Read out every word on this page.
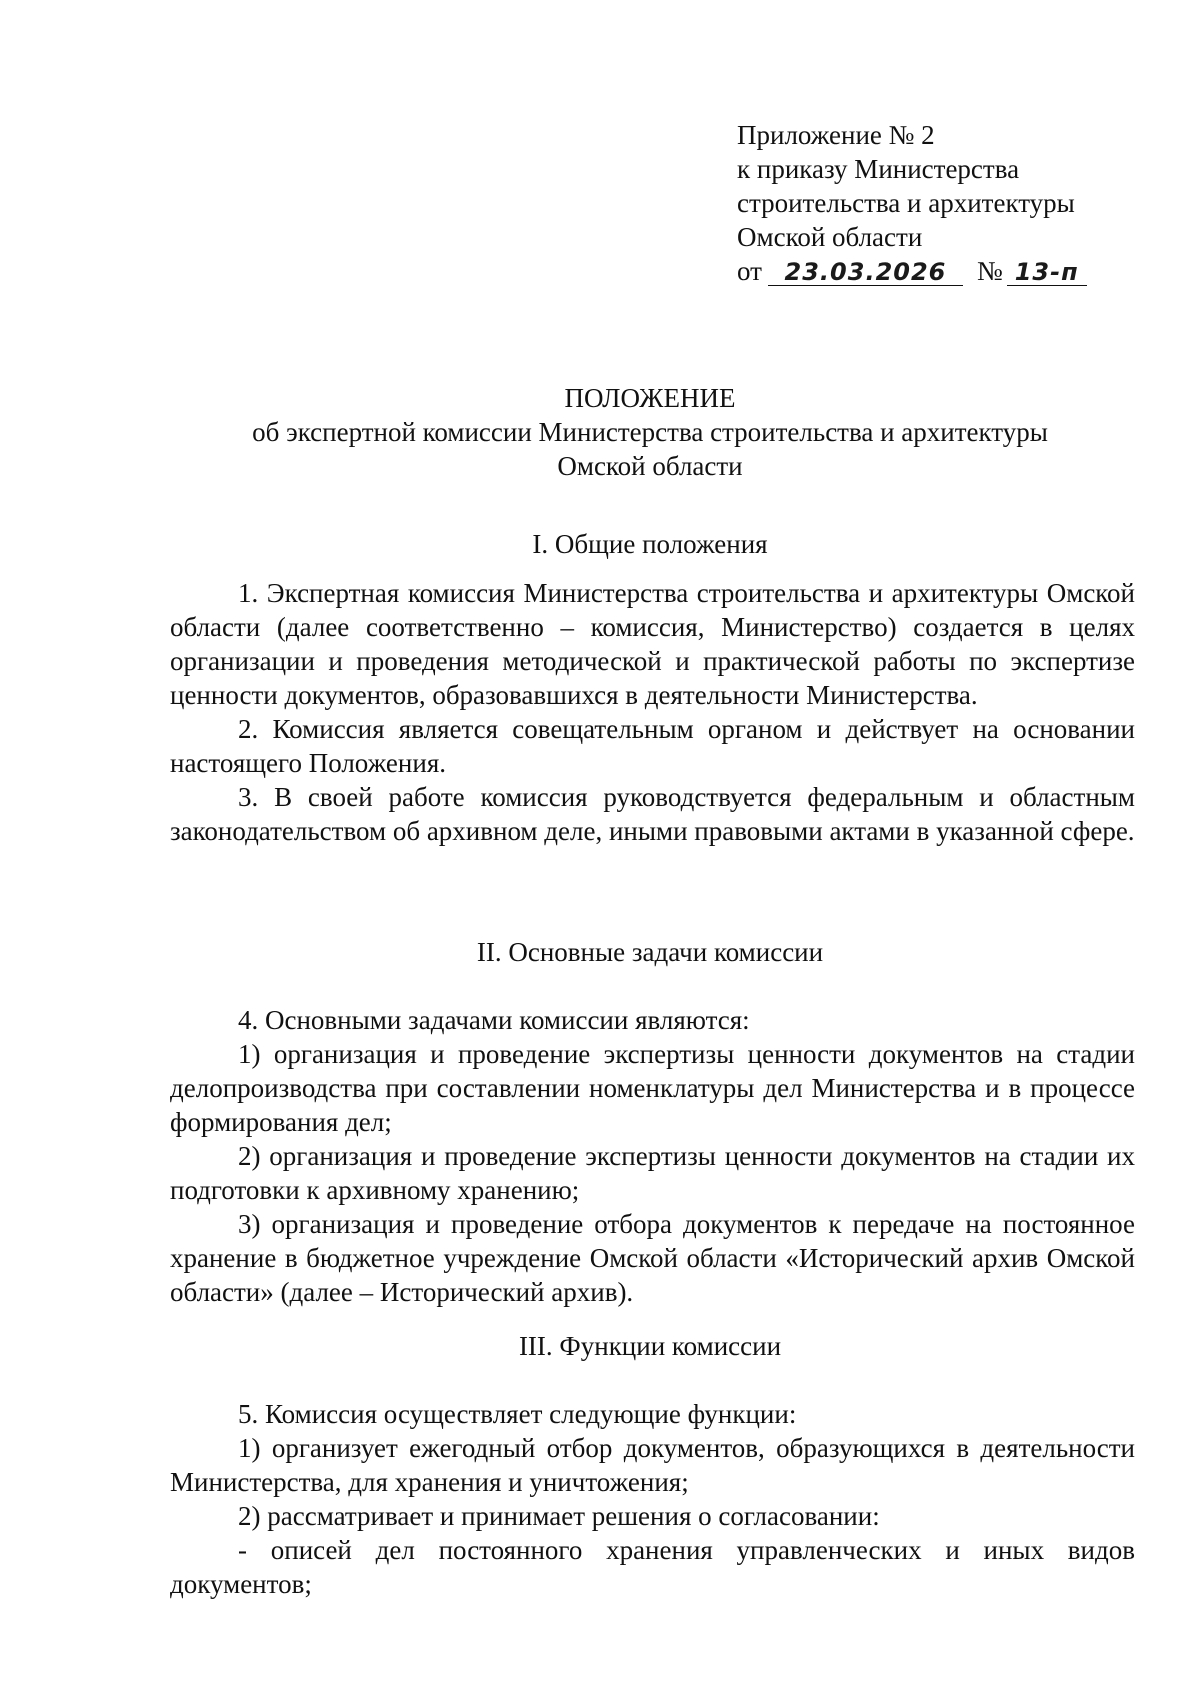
Приложение № 2
к приказу Министерства
строительства и архитектуры
Омской области
от 23.03.2026 № 13-п
ПОЛОЖЕНИЕ
об экспертной комиссии Министерства строительства и архитектуры
Омской области
I. Общие положения

1. Экспертная комиссия Министерства строительства и архитектуры Омской области (далее соответственно – комиссия, Министерство) создается в целях организации и проведения методической и практической работы по экспертизе ценности документов, образовавшихся в деятельности Министерства.

2. Комиссия является совещательным органом и действует на основании настоящего Положения.

3. В своей работе комиссия руководствуется федеральным и областным законодательством об архивном деле, иными правовыми актами в указанной сфере.

II. Основные задачи комиссии

4. Основными задачами комиссии являются:

1) организация и проведение экспертизы ценности документов на стадии делопроизводства при составлении номенклатуры дел Министерства и в процессе формирования дел;

2) организация и проведение экспертизы ценности документов на стадии их подготовки к архивному хранению;

3) организация и проведение отбора документов к передаче на постоянное хранение в бюджетное учреждение Омской области «Исторический архив Омской области» (далее – Исторический архив).

III. Функции комиссии

5. Комиссия осуществляет следующие функции:

1) организует ежегодный отбор документов, образующихся в деятельности Министерства, для хранения и уничтожения;

2) рассматривает и принимает решения о согласовании:

- описей дел постоянного хранения управленческих и иных видов документов;
